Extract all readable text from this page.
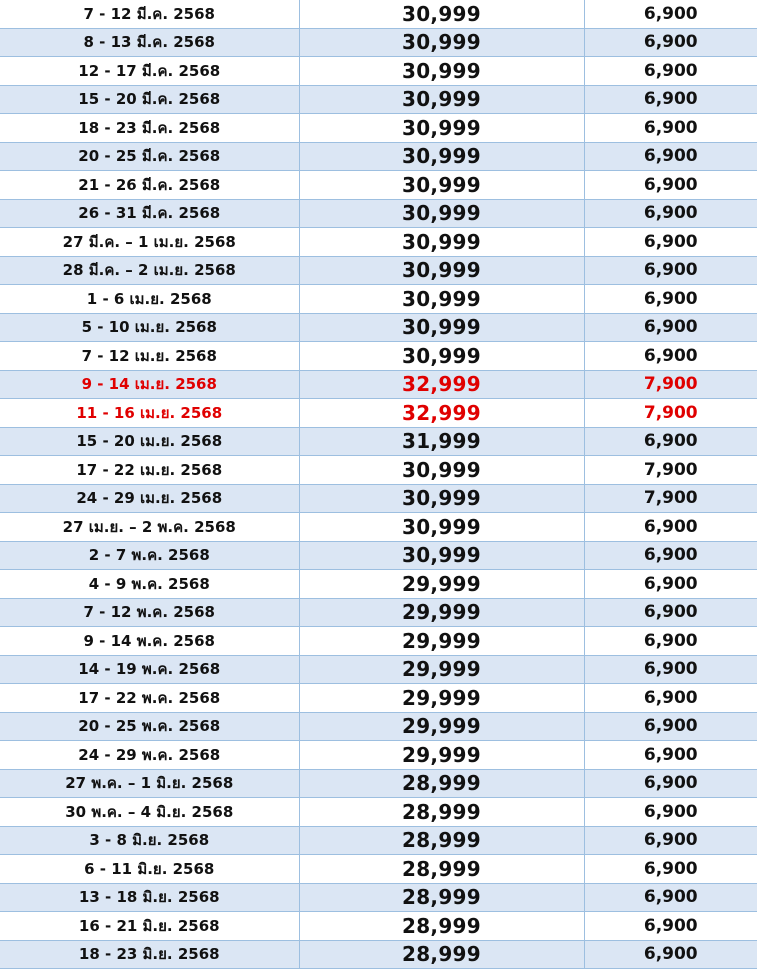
7 - 12 มี.ค. 2568	30,999	6,900
8 - 13 มี.ค. 2568	30,999	6,900
12 - 17 มี.ค. 2568	30,999	6,900
15 - 20 มี.ค. 2568	30,999	6,900
18 - 23 มี.ค. 2568	30,999	6,900
20 - 25 มี.ค. 2568	30,999	6,900
21 - 26 มี.ค. 2568	30,999	6,900
26 - 31 มี.ค. 2568	30,999	6,900
27 มี.ค. – 1 เม.ย. 2568	30,999	6,900
28 มี.ค. – 2 เม.ย. 2568	30,999	6,900
1 - 6 เม.ย. 2568	30,999	6,900
5 - 10 เม.ย. 2568	30,999	6,900
7 - 12 เม.ย. 2568	30,999	6,900
9 - 14 เม.ย. 2568	32,999	7,900
11 - 16 เม.ย. 2568	32,999	7,900
15 - 20 เม.ย. 2568	31,999	6,900
17 - 22 เม.ย. 2568	30,999	7,900
24 - 29 เม.ย. 2568	30,999	7,900
27 เม.ย. – 2 พ.ค. 2568	30,999	6,900
2 - 7 พ.ค. 2568	30,999	6,900
4 - 9 พ.ค. 2568	29,999	6,900
7 - 12 พ.ค. 2568	29,999	6,900
9 - 14 พ.ค. 2568	29,999	6,900
14 - 19 พ.ค. 2568	29,999	6,900
17 - 22 พ.ค. 2568	29,999	6,900
20 - 25 พ.ค. 2568	29,999	6,900
24 - 29 พ.ค. 2568	29,999	6,900
27 พ.ค. – 1 มิ.ย. 2568	28,999	6,900
30 พ.ค. – 4 มิ.ย. 2568	28,999	6,900
3 - 8 มิ.ย. 2568	28,999	6,900
6 - 11 มิ.ย. 2568	28,999	6,900
13 - 18 มิ.ย. 2568	28,999	6,900
16 - 21 มิ.ย. 2568	28,999	6,900
18 - 23 มิ.ย. 2568	28,999	6,900
